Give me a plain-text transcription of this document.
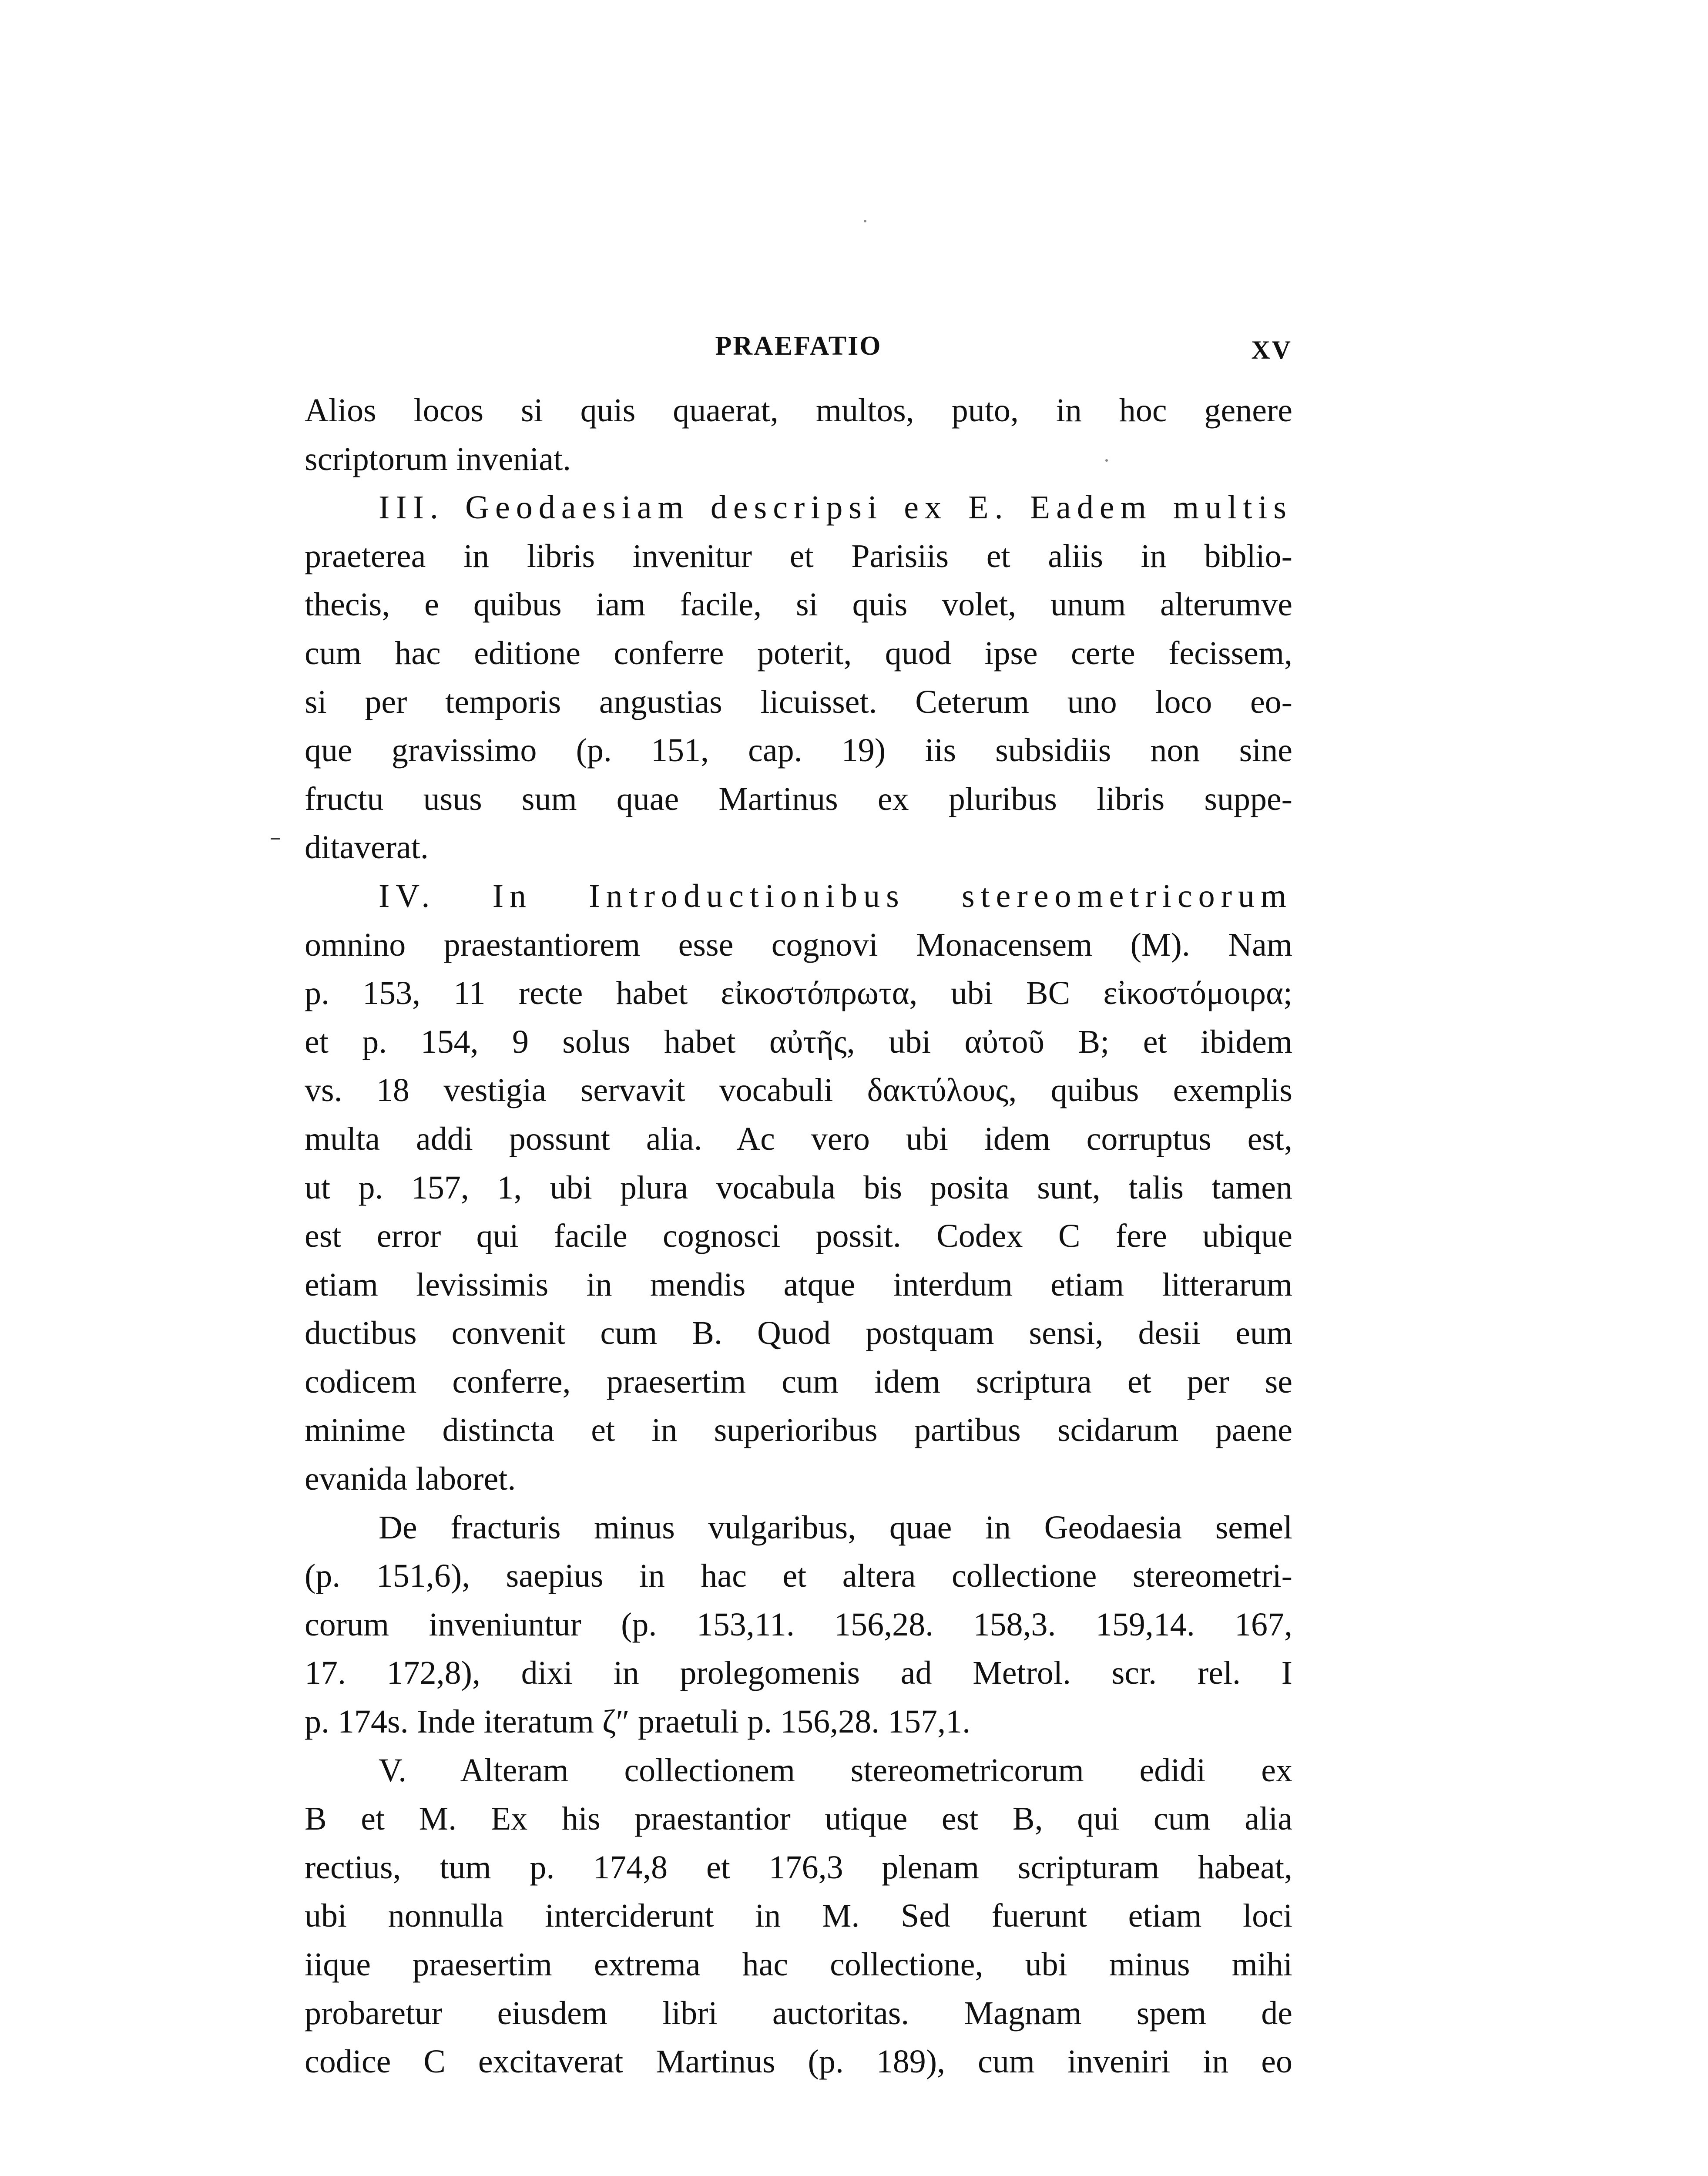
PRAEFATIO	XV
Alios locos si quis quaerat, multos, puto, in hoc genere
scriptorum inveniat.
III. Geodaesiam descripsi ex E. Eadem multis
praeterea in libris invenitur et Parisiis et aliis in biblio-
thecis, e quibus iam facile, si quis volet, unum alterumve
cum hac editione conferre poterit, quod ipse certe fecissem,
si per temporis angustias licuisset. Ceterum uno loco eo-
que gravissimo (p. 151, cap. 19) iis subsidiis non sine
fructu usus sum quae Martinus ex pluribus libris suppe-
ditaverat.
IV. In Introductionibus stereometricorum
omnino praestantiorem esse cognovi Monacensem (M). Nam
p. 153, 11 recte habet εἰκοστόπρωτα, ubi BC εἰκοστόμοιρα;
et p. 154, 9 solus habet αὐτῆς, ubi αὐτοῦ B; et ibidem
vs. 18 vestigia servavit vocabuli δακτύλους, quibus exemplis
multa addi possunt alia. Ac vero ubi idem corruptus est,
ut p. 157, 1, ubi plura vocabula bis posita sunt, talis tamen
est error qui facile cognosci possit. Codex C fere ubique
etiam levissimis in mendis atque interdum etiam litterarum
ductibus convenit cum B. Quod postquam sensi, desii eum
codicem conferre, praesertim cum idem scriptura et per se
minime distincta et in superioribus partibus scidarum paene
evanida laboret.
De fracturis minus vulgaribus, quae in Geodaesia semel
(p. 151,6), saepius in hac et altera collectione stereometri-
corum inveniuntur (p. 153,11. 156,28. 158,3. 159,14. 167,
17. 172,8), dixi in prolegomenis ad Metrol. scr. rel. I
p. 174s. Inde iteratum ζ″ praetuli p. 156,28. 157,1.
V. Alteram collectionem stereometricorum edidi ex
B et M. Ex his praestantior utique est B, qui cum alia
rectius, tum p. 174,8 et 176,3 plenam scripturam habeat,
ubi nonnulla interciderunt in M. Sed fuerunt etiam loci
iique praesertim extrema hac collectione, ubi minus mihi
probaretur eiusdem libri auctoritas. Magnam spem de
codice C excitaverat Martinus (p. 189), cum inveniri in eo
